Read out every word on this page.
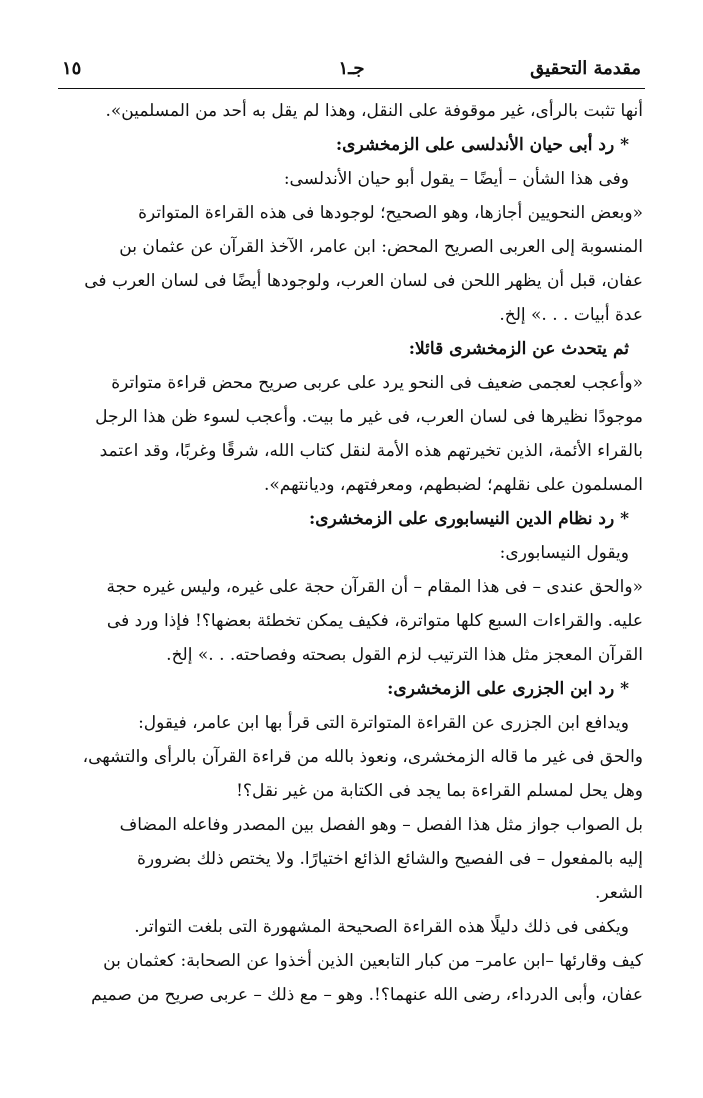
مقدمة التحقيق
جـ١
١٥
أنها تثبت بالرأى، غير موقوفة على النقل، وهذا لم يقل به أحد من المسلمين».
* رد أبى حيان الأندلسى على الزمخشرى:
وفى هذا الشأن – أيضًا – يقول أبو حيان الأندلسى:
«وبعض النحويين أجازها، وهو الصحيح؛ لوجودها فى هذه القراءة المتواترة
المنسوبة إلى العربى الصريح المحض: ابن عامر، الآخذ القرآن عن عثمان بن
عفان، قبل أن يظهر اللحن فى لسان العرب، ولوجودها أيضًا فى لسان العرب فى
عدة أبيات . . .» إلخ.
ثم يتحدث عن الزمخشرى قائلا:
«وأعجب لعجمى ضعيف فى النحو يرد على عربى صريح محض قراءة متواترة
موجودًا نظيرها فى لسان العرب، فى غير ما بيت. وأعجب لسوء ظن هذا الرجل
بالقراء الأئمة، الذين تخيرتهم هذه الأمة لنقل كتاب الله، شرقًا وغربًا، وقد اعتمد
المسلمون على نقلهم؛ لضبطهم، ومعرفتهم، وديانتهم».
* رد نظام الدين النيسابورى على الزمخشرى:
ويقول النيسابورى:
«والحق عندى – فى هذا المقام – أن القرآن حجة على غيره، وليس غيره حجة
عليه. والقراءات السبع كلها متواترة، فكيف يمكن تخطئة بعضها؟! فإذا ورد فى
القرآن المعجز مثل هذا الترتيب لزم القول بصحته وفصاحته. . .» إلخ.
* رد ابن الجزرى على الزمخشرى:
ويدافع ابن الجزرى عن القراءة المتواترة التى قرأ بها ابن عامر، فيقول:
والحق فى غير ما قاله الزمخشرى، ونعوذ بالله من قراءة القرآن بالرأى والتشهى،
وهل يحل لمسلم القراءة بما يجد فى الكتابة من غير نقل؟!
بل الصواب جواز مثل هذا الفصل – وهو الفصل بين المصدر وفاعله المضاف
إليه بالمفعول – فى الفصيح والشائع الذائع اختيارًا. ولا يختص ذلك بضرورة
الشعر.
ويكفى فى ذلك دليلًا هذه القراءة الصحيحة المشهورة التى بلغت التواتر.
كيف وقارئها –ابن عامر– من كبار التابعين الذين أخذوا عن الصحابة: كعثمان بن
عفان، وأبى الدرداء، رضى الله عنهما؟!. وهو – مع ذلك – عربى صريح من صميم
